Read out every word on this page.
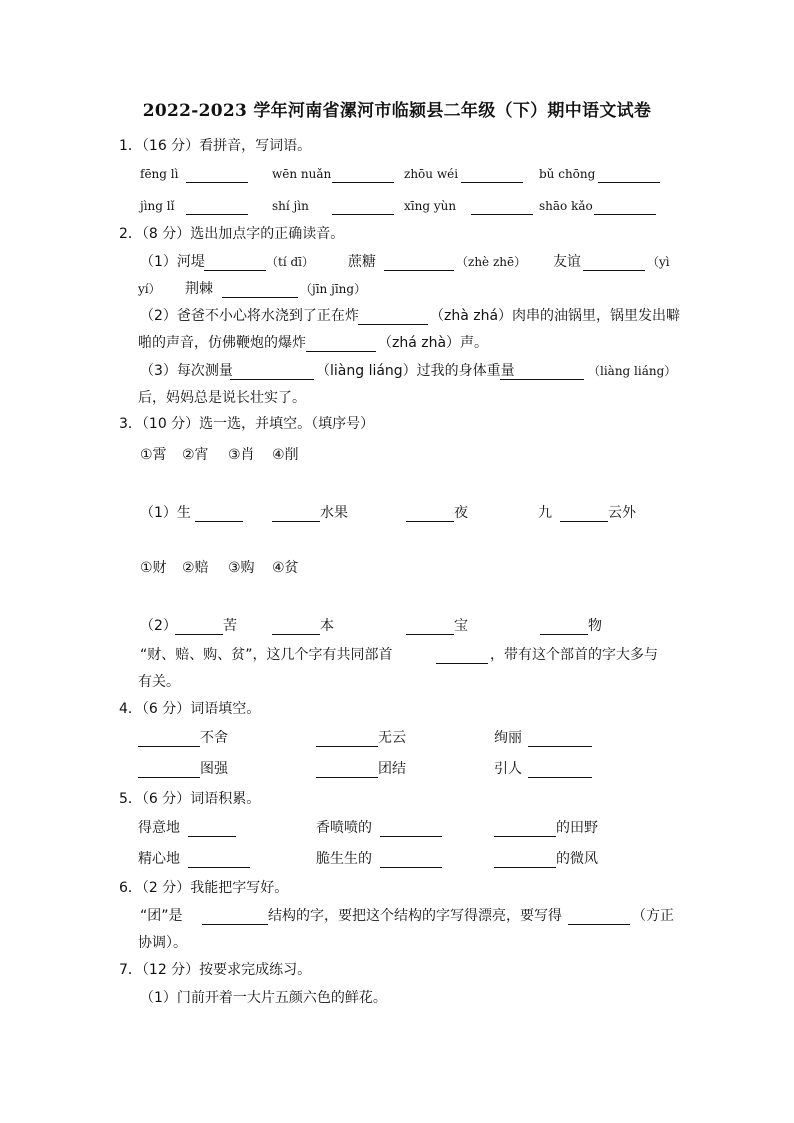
2022-2023 学年河南省漯河市临颍县二年级（下）期中语文试卷
1．（16 分）看拼音，写词语。
fēng lì	wēn nuǎn	zhōu wéi	bǔ chōng
jìng lǐ	shí jìn	xīng yùn	shāo kǎo
2．（8 分）选出加点字的正确读音。
（1）河堤	（tí dī） 蔗糖	（zhè zhē） 友谊	（yì
yí） 荆棘	（jīn jīng）
（2）爸爸不小心将水浇到了正在炸	（zhà zhá）肉串的油锅里，锅里发出噼
啪的声音，仿佛鞭炮的爆炸	（zhá zhà）声。
（3）每次测量	（liàng liáng）过我的身体重量	（liàng liáng）
后，妈妈总是说长壮实了。
3．（10 分）选一选，并填空。（填序号）
①霄 ②宵 ③肖 ④削
（1）生	水果	夜	九	云外
①财 ②赔 ③购 ④贫
（2）	苦	本	宝	物
“财、赔、购、贫”，这几个字有共同部首	，带有这个部首的字大多与
有关。
4．（6 分）词语填空。
不舍	无云	绚丽
图强	团结	引人
5．（6 分）词语积累。
得意地	香喷喷的	的田野
精心地	脆生生的	的微风
6．（2 分）我能把字写好。
“团”是	结构的字，要把这个结构的字写得漂亮，要写得	（方正
协调）。
7．（12 分）按要求完成练习。
（1）门前开着一大片五颜六色的鲜花。
